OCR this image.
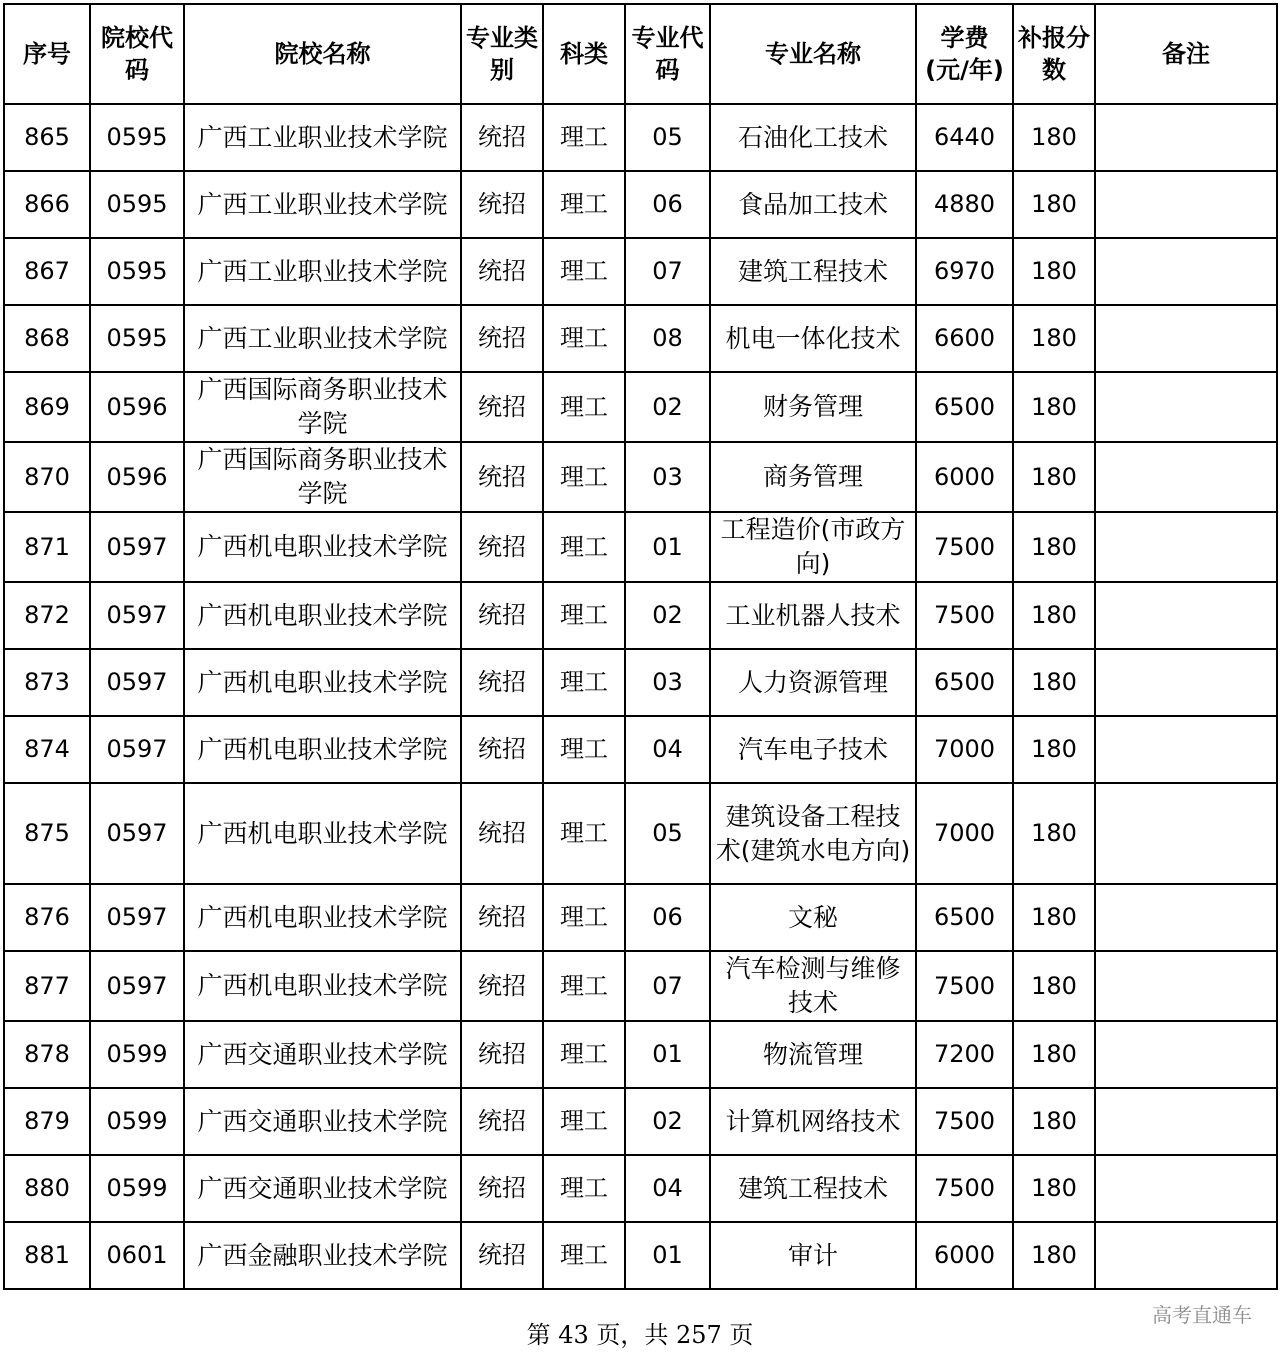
序号	院校代码	院校名称	专业类别	科类	专业代码	专业名称	学费(元/年)	补报分数	备注
865	0595	广西工业职业技术学院	统招	理工	05	石油化工技术	6440	180	
866	0595	广西工业职业技术学院	统招	理工	06	食品加工技术	4880	180	
867	0595	广西工业职业技术学院	统招	理工	07	建筑工程技术	6970	180	
868	0595	广西工业职业技术学院	统招	理工	08	机电一体化技术	6600	180	
869	0596	广西国际商务职业技术学院	统招	理工	02	财务管理	6500	180	
870	0596	广西国际商务职业技术学院	统招	理工	03	商务管理	6000	180	
871	0597	广西机电职业技术学院	统招	理工	01	工程造价(市政方向)	7500	180	
872	0597	广西机电职业技术学院	统招	理工	02	工业机器人技术	7500	180	
873	0597	广西机电职业技术学院	统招	理工	03	人力资源管理	6500	180	
874	0597	广西机电职业技术学院	统招	理工	04	汽车电子技术	7000	180	
875	0597	广西机电职业技术学院	统招	理工	05	建筑设备工程技术(建筑水电方向)	7000	180	
876	0597	广西机电职业技术学院	统招	理工	06	文秘	6500	180	
877	0597	广西机电职业技术学院	统招	理工	07	汽车检测与维修技术	7500	180	
878	0599	广西交通职业技术学院	统招	理工	01	物流管理	7200	180	
879	0599	广西交通职业技术学院	统招	理工	02	计算机网络技术	7500	180	
880	0599	广西交通职业技术学院	统招	理工	04	建筑工程技术	7500	180	
881	0601	广西金融职业技术学院	统招	理工	01	审计	6000	180	
第 43 页，共 257 页
高考直通车
